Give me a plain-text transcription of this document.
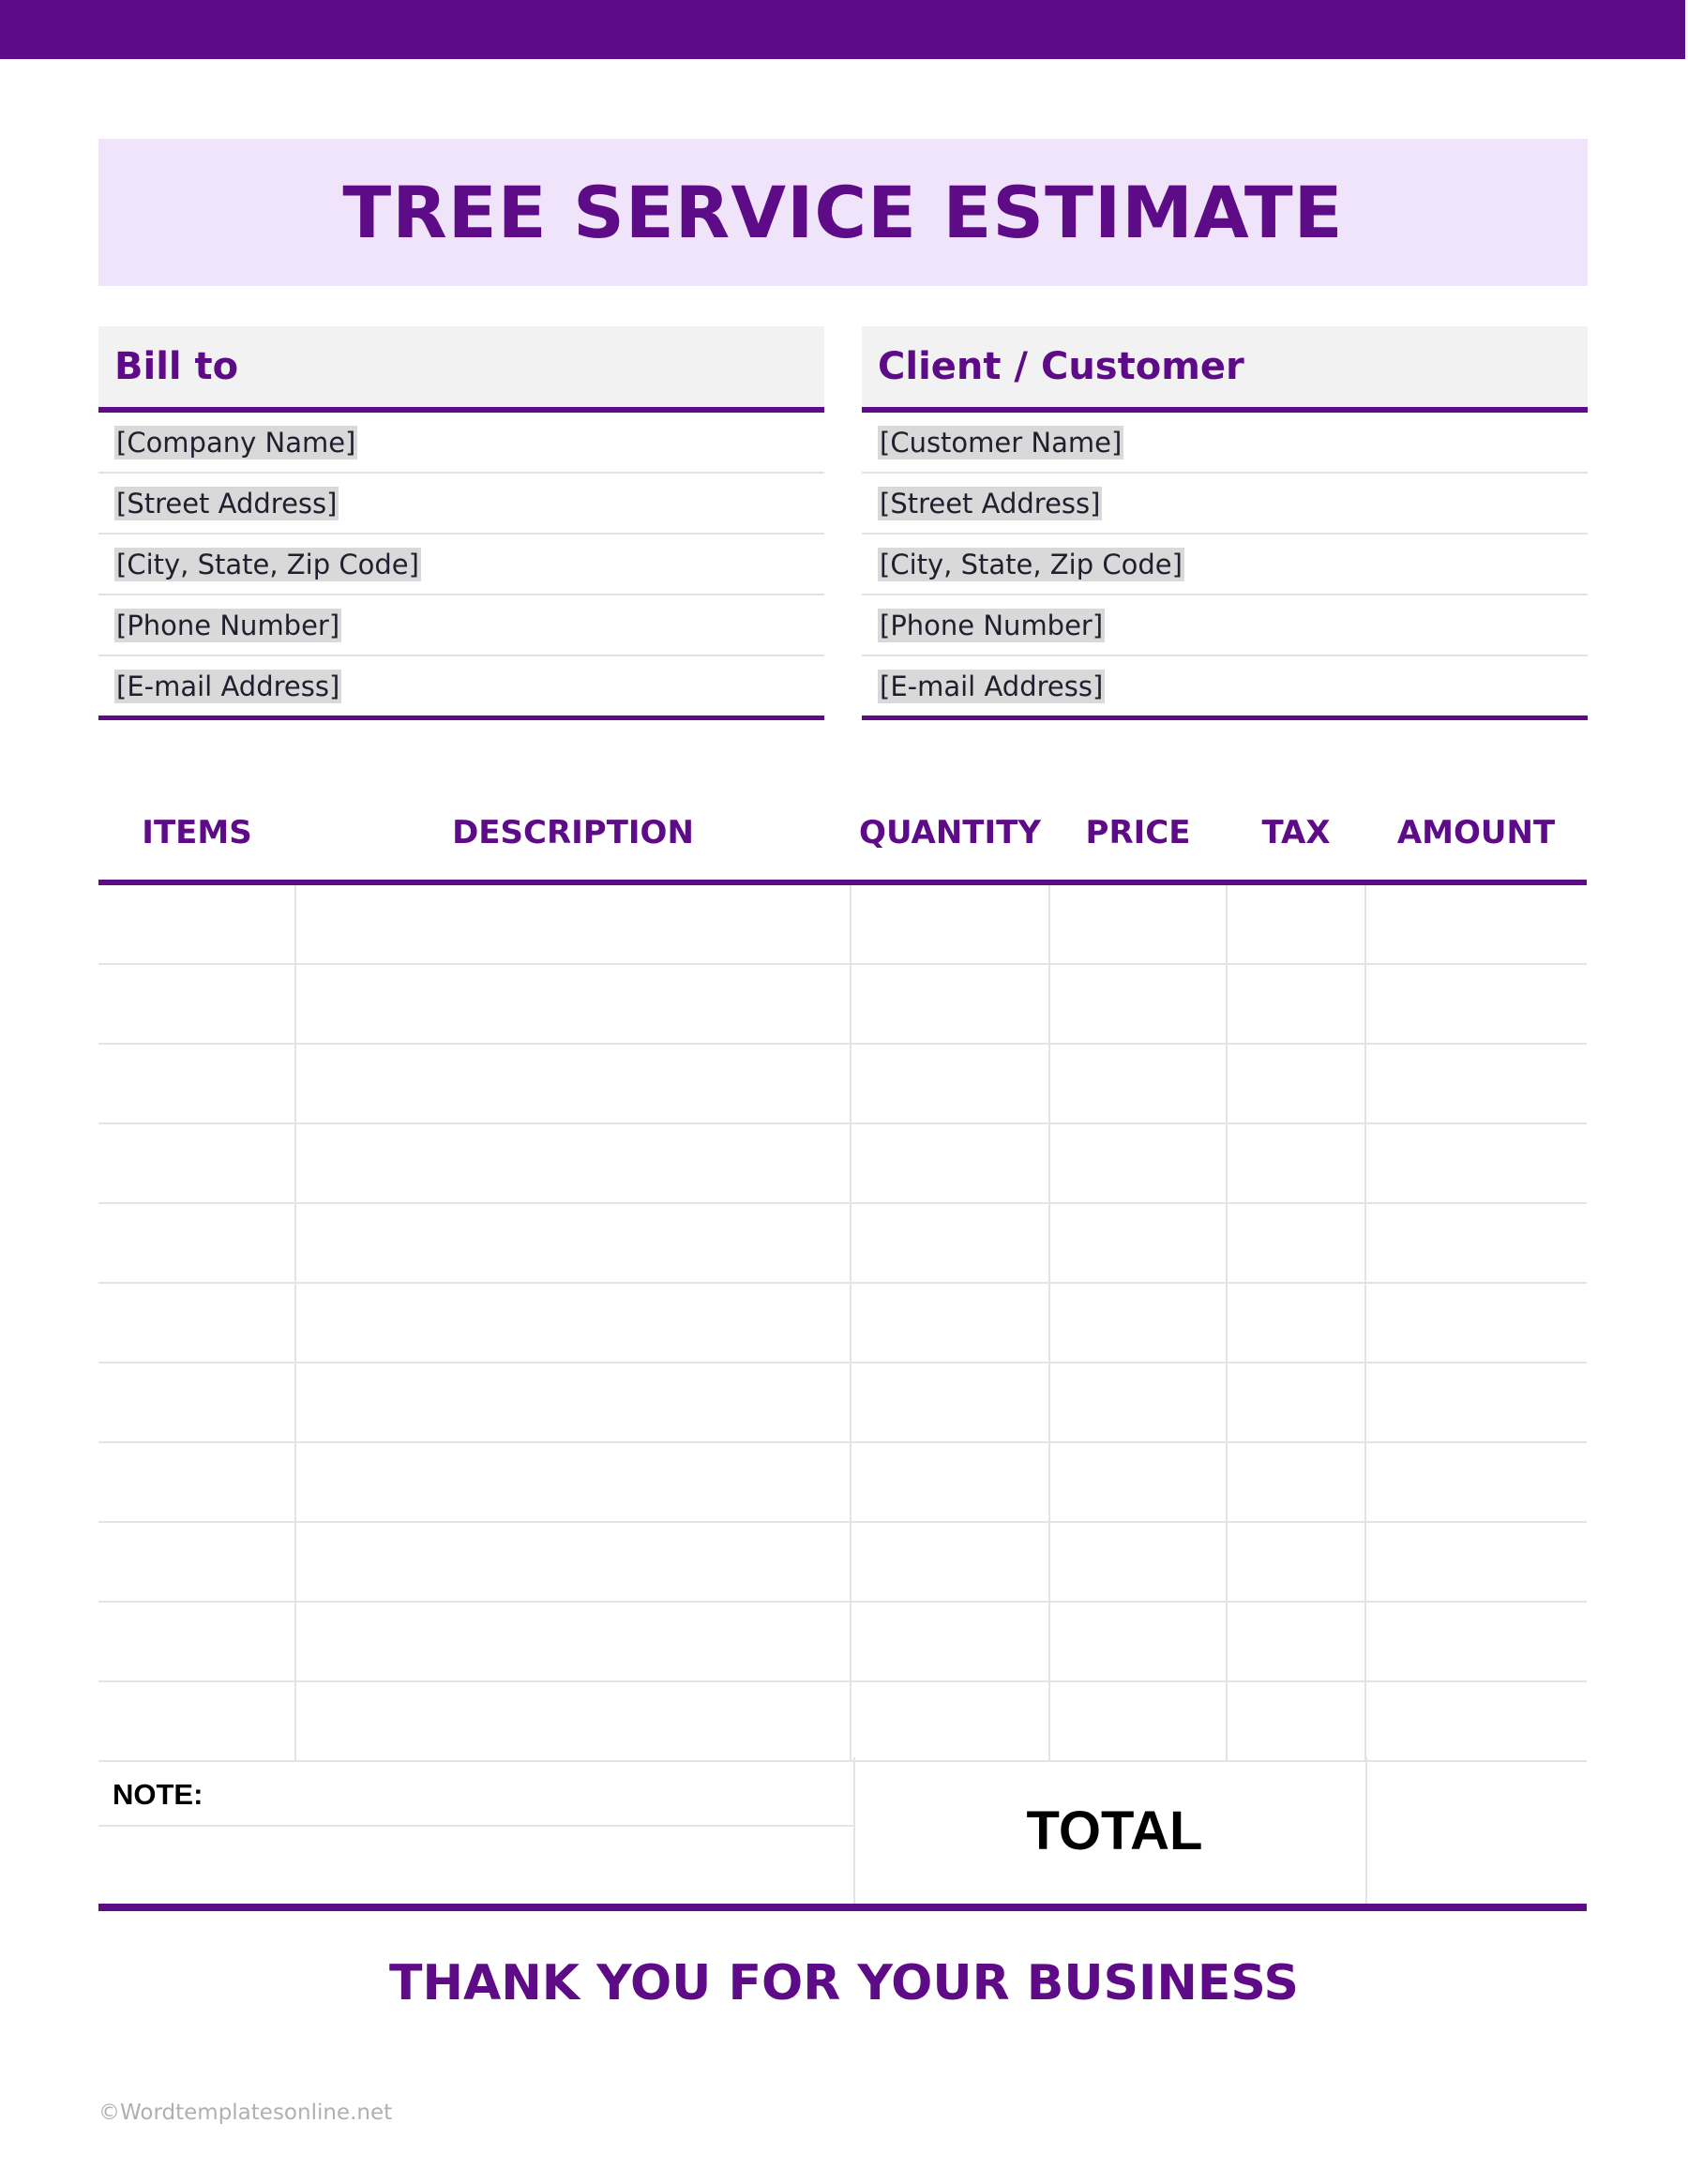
TREE SERVICE ESTIMATE
Bill to
[Company Name]
[Street Address]
[City, State, Zip Code]
[Phone Number]
[E-mail Address]
Client / Customer
[Customer Name]
[Street Address]
[City, State, Zip Code]
[Phone Number]
[E-mail Address]
ITEMS	DESCRIPTION	QUANTITY	PRICE	TAX	AMOUNT

NOTE:
TOTAL
THANK YOU FOR YOUR BUSINESS
©Wordtemplatesonline.net
